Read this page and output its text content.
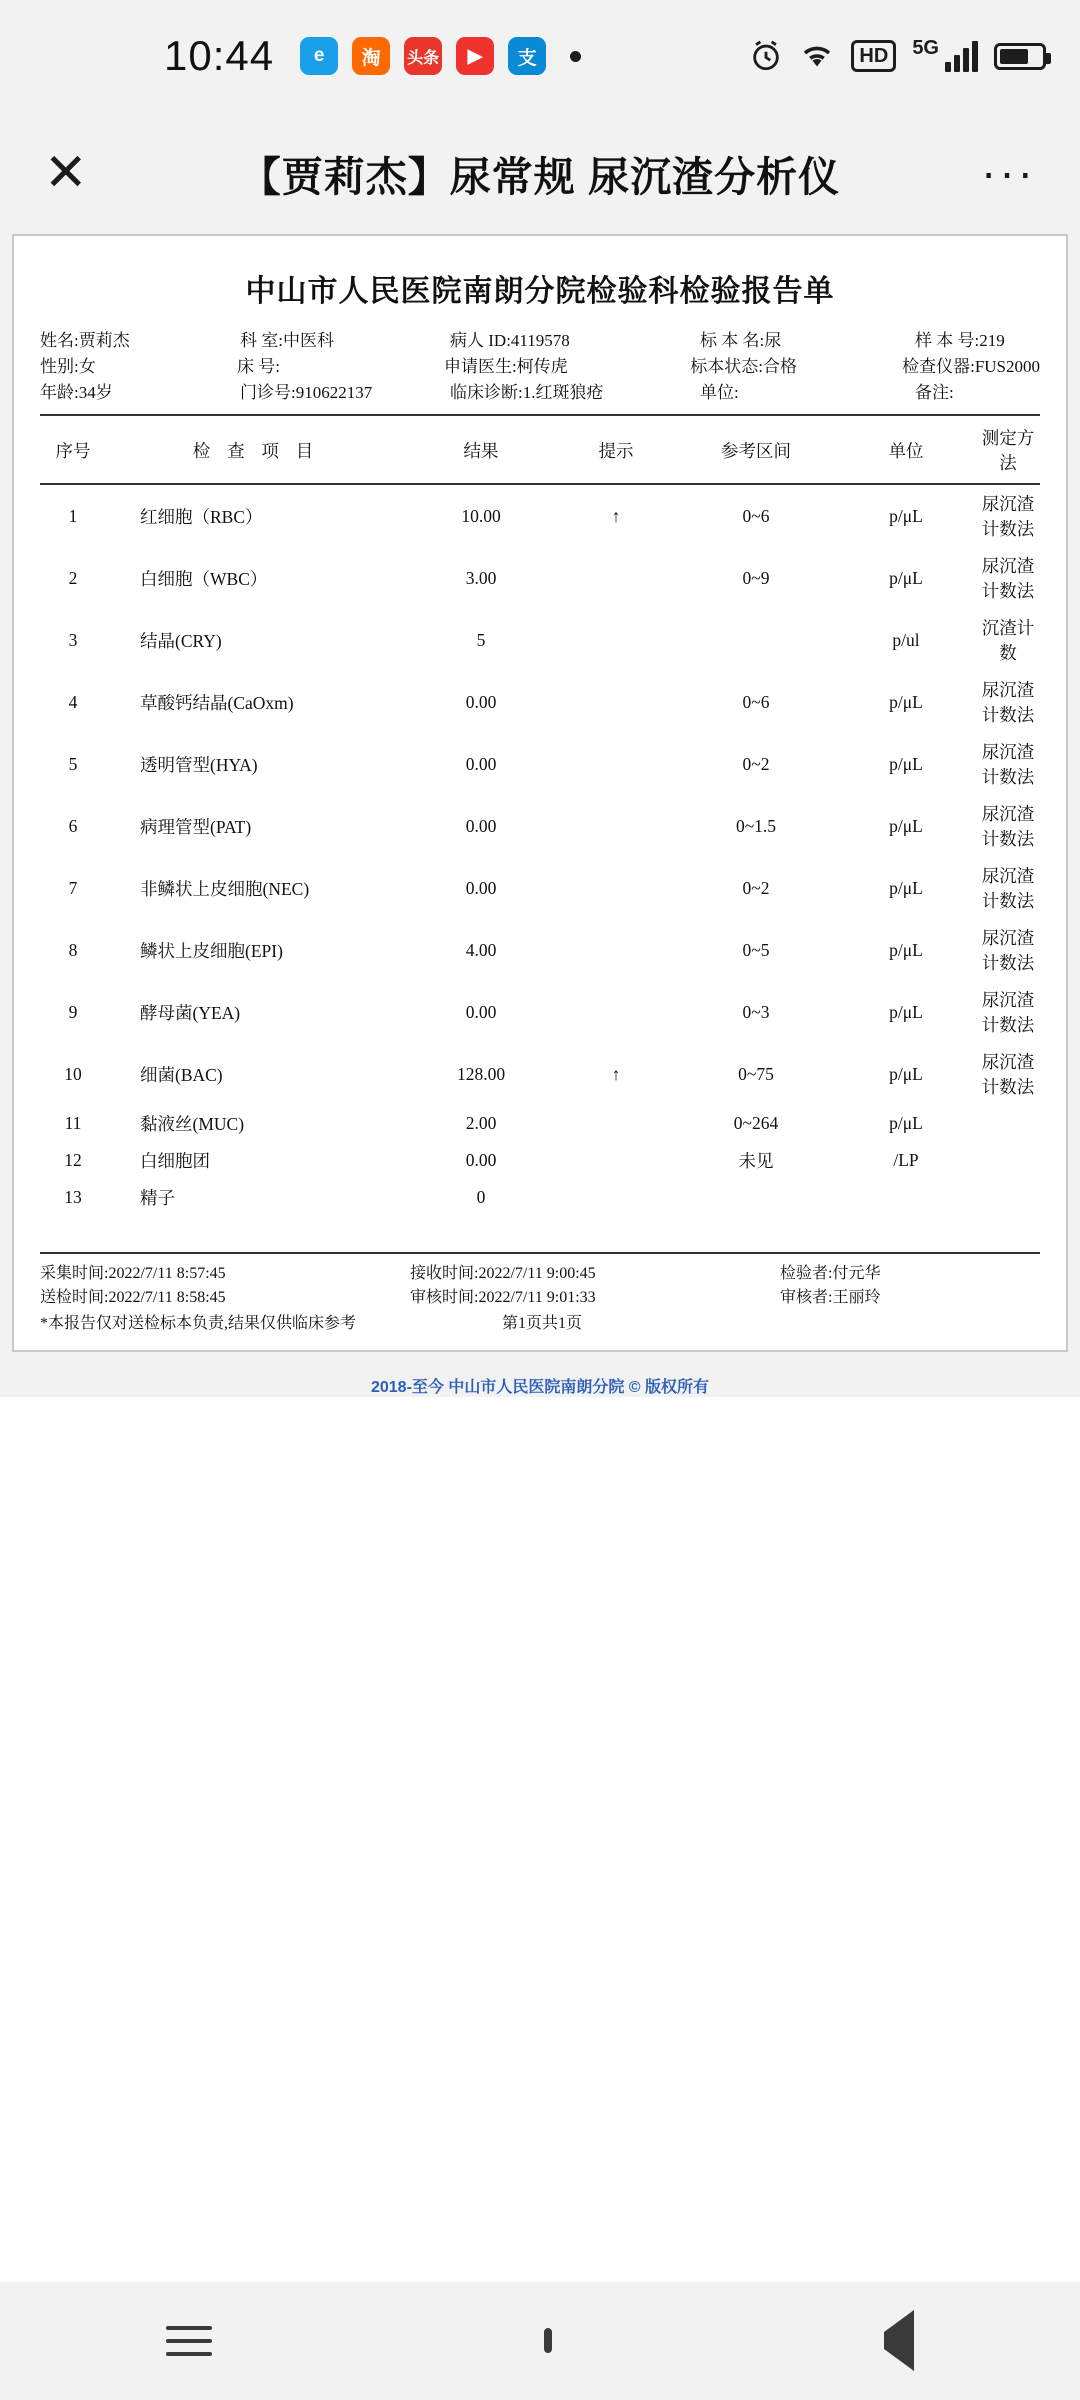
10:44	e	淘	头条	▶	支	HD	5G
✕	【贾莉杰】尿常规 尿沉渣分析仪	···
中山市人民医院南朗分院检验科检验报告单
姓名:贾莉杰	科 室:中医科	病人 ID:4119578	标 本 名:尿	样 本 号:219
性别:女	床 号:	申请医生:柯传虎	标本状态:合格	检查仪器:FUS2000
年龄:34岁	门诊号:910622137	临床诊断:1.红斑狼疮	单位:	备注:
序号	检 查 项 目	结果	提示	参考区间	单位	测定方法
1	红细胞（RBC）	10.00	↑	0~6	p/μL	尿沉渣计数法
2	白细胞（WBC）	3.00		0~9	p/μL	尿沉渣计数法
3	结晶(CRY)	5			p/ul	沉渣计数
4	草酸钙结晶(CaOxm)	0.00		0~6	p/μL	尿沉渣计数法
5	透明管型(HYA)	0.00		0~2	p/μL	尿沉渣计数法
6	病理管型(PAT)	0.00		0~1.5	p/μL	尿沉渣计数法
7	非鳞状上皮细胞(NEC)	0.00		0~2	p/μL	尿沉渣计数法
8	鳞状上皮细胞(EPI)	4.00		0~5	p/μL	尿沉渣计数法
9	酵母菌(YEA)	0.00		0~3	p/μL	尿沉渣计数法
10	细菌(BAC)	128.00	↑	0~75	p/μL	尿沉渣计数法
11	黏液丝(MUC)	2.00		0~264	p/μL	
12	白细胞团	0.00		未见	/LP	
13	精子	0				
采集时间:2022/7/11 8:57:45	接收时间:2022/7/11 9:00:45	检验者:付元华
送检时间:2022/7/11 8:58:45	审核时间:2022/7/11 9:01:33	审核者:王丽玲
*本报告仅对送检标本负责,结果仅供临床参考	第1页共1页
2018-至今 中山市人民医院南朗分院 © 版权所有
